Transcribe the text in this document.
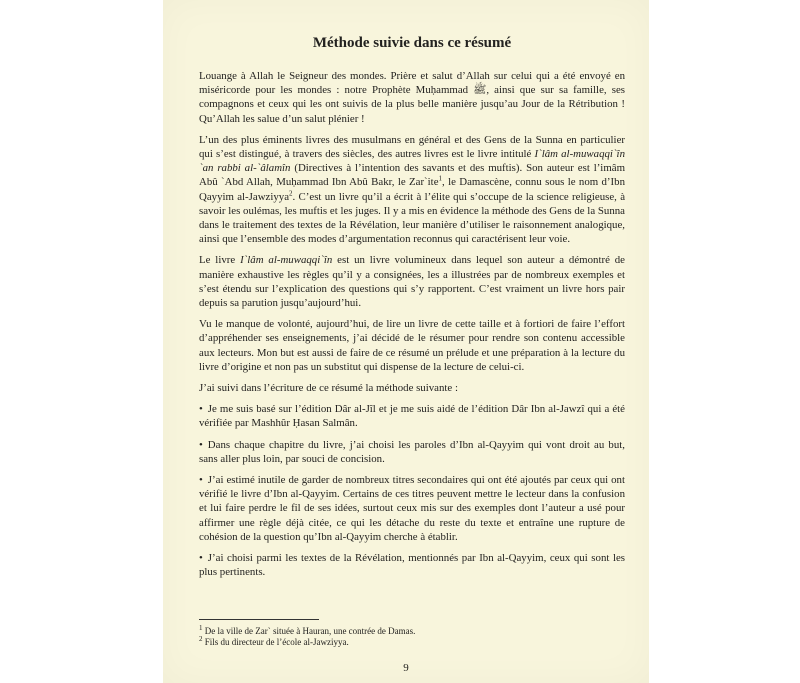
Méthode suivie dans ce résumé

Louange à Allah le Seigneur des mondes. Prière et salut d’Allah sur celui qui a été envoyé en miséricorde pour les mondes : notre Prophète Muḥammad ﷺ, ainsi que sur sa famille, ses compagnons et ceux qui les ont suivis de la plus belle manière jusqu’au Jour de la Rétribution ! Qu’Allah les salue d’un salut plénier !

L’un des plus éminents livres des musulmans en général et des Gens de la Sunna en particulier qui s’est distingué, à travers des siècles, des autres livres est le livre intitulé I`lâm al-muwaqqi`în `an rabbi al-`âlamîn (Directives à l’intention des savants et des muftis). Son auteur est l’imâm Abû `Abd Allah, Muḥammad Ibn Abû Bakr, le Zar`ite$^1$, le Damascène, connu sous le nom d’Ibn Qayyim al-Jawziyya$^2$. C’est un livre qu’il a écrit à l’élite qui s’occupe de la science religieuse, à savoir les oulémas, les muftis et les juges. Il y a mis en évidence la méthode des Gens de la Sunna dans le traitement des textes de la Révélation, leur manière d’utiliser le raisonnement analogique, ainsi que l’ensemble des modes d’argumentation reconnus qui caractérisent leur voie.

Le livre I`lâm al-muwaqqi`în est un livre volumineux dans lequel son auteur a démontré de manière exhaustive les règles qu’il y a consignées, les a illustrées par de nombreux exemples et s’est étendu sur l’explication des questions qui s’y rapportent. C’est vraiment un livre hors pair depuis sa parution jusqu’aujourd’hui.

Vu le manque de volonté, aujourd’hui, de lire un livre de cette taille et à fortiori de faire l’effort d’appréhender ses enseignements, j’ai décidé de le résumer pour rendre son contenu accessible aux lecteurs. Mon but est aussi de faire de ce résumé un prélude et une préparation à la lecture du livre d’origine et non pas un substitut qui dispense de la lecture de celui-ci.

J’ai suivi dans l’écriture de ce résumé la méthode suivante :

• Je me suis basé sur l’édition Dâr al-Jîl et je me suis aidé de l’édition Dâr Ibn al-Jawzî qui a été vérifiée par Mashhûr Ḥasan Salmân.

• Dans chaque chapitre du livre, j’ai choisi les paroles d’Ibn al-Qayyim qui vont droit au but, sans aller plus loin, par souci de concision.

• J’ai estimé inutile de garder de nombreux titres secondaires qui ont été ajoutés par ceux qui ont vérifié le livre d’Ibn al-Qayyim. Certains de ces titres peuvent mettre le lecteur dans la confusion et lui faire perdre le fil de ses idées, surtout ceux mis sur des exemples dont l’auteur a usé pour affirmer une règle déjà citée, ce qui les détache du reste du texte et entraîne une rupture de cohésion de la question qu’Ibn al-Qayyim cherche à établir.

• J’ai choisi parmi les textes de la Révélation, mentionnés par Ibn al-Qayyim, ceux qui sont les plus pertinents.

$^1$ De la ville de Zar` située à Hauran, une contrée de Damas.

$^2$ Fils du directeur de l’école al-Jawziyya.

9
